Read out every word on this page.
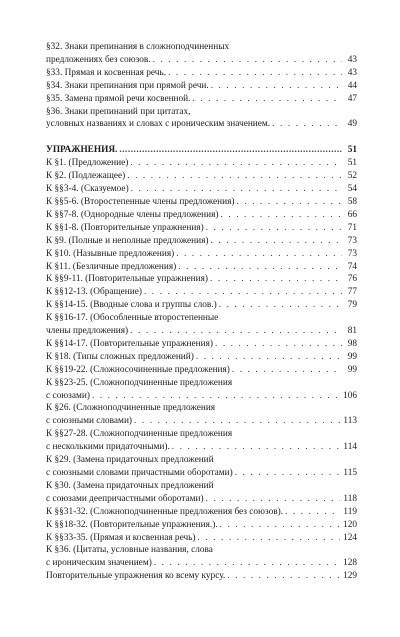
§32. Знаки препинания в сложноподчиненных
предложениях без союзов. . . .	43
§33. Прямая и косвенная речь. . . .	43
§34. Знаки препинания при прямой речи. . . .	44
§35. Замена прямой речи косвенной. . . .	47
§36. Знаки препинаний при цитатах,
условных названиях и словах с ироническим значением. . . .	49
УПРАЖНЕНИЯ. .....	51
К §1. (Предложение) . . .	51
К §2. (Подлежащее) . . .	52
К §§3-4. (Сказуемое) . . .	54
К §§5-6. (Второстепенные члены предложения) . . .	58
К §§7-8. (Однородные члены предложения) . . .	66
К §§1-8. (Повторительные упражнения) . . .	71
К §9. (Полные и неполные предложения) . . .	73
К §10. (Назывные предложения) . . .	73
К §11. (Безличные предложения) . . .	74
К §§9-11. (Повторительные упражнения) . . .	76
К §§12-13. (Обращение) . . .	77
К §§14-15. (Вводные слова и группы слов.) . . .	79
К §§16-17. (Обособленные второстепенные
члены предложения) . . .	81
К §§14-17. (Повторительные упражнения) . . .	98
К §18. (Типы сложных предложений) . . .	99
К §§19-22. (Сложносочиненные предложения) . . .	99
К §§23-25. (Сложноподчиненные предложения
с союзами) . . .	106
К §26. (Сложноподчиненные предложения
с союзными словами) . . .	113
К §§27-28. (Сложноподчиненные предложения
с несколькими придаточными). . . .	114
К §29. (Замена придаточных предложений
с союзными словами причастными оборотами) . . .	115
К §30. (Замена придаточных предложений
с союзами деепричастными оборотами) . . .	118
К §§31-32. (Сложноподчиненные предложения без союзов). . . .	119
К §§18-32. (Повторительные упражнения.). . . .	120
К §§33-35. (Прямая и косвенная речь) . . .	124
К §36. (Цитаты, условные названия, слова
с ироническим значением) . . .	128
Повторительные упражнения ко всему курсу. . . .	129
